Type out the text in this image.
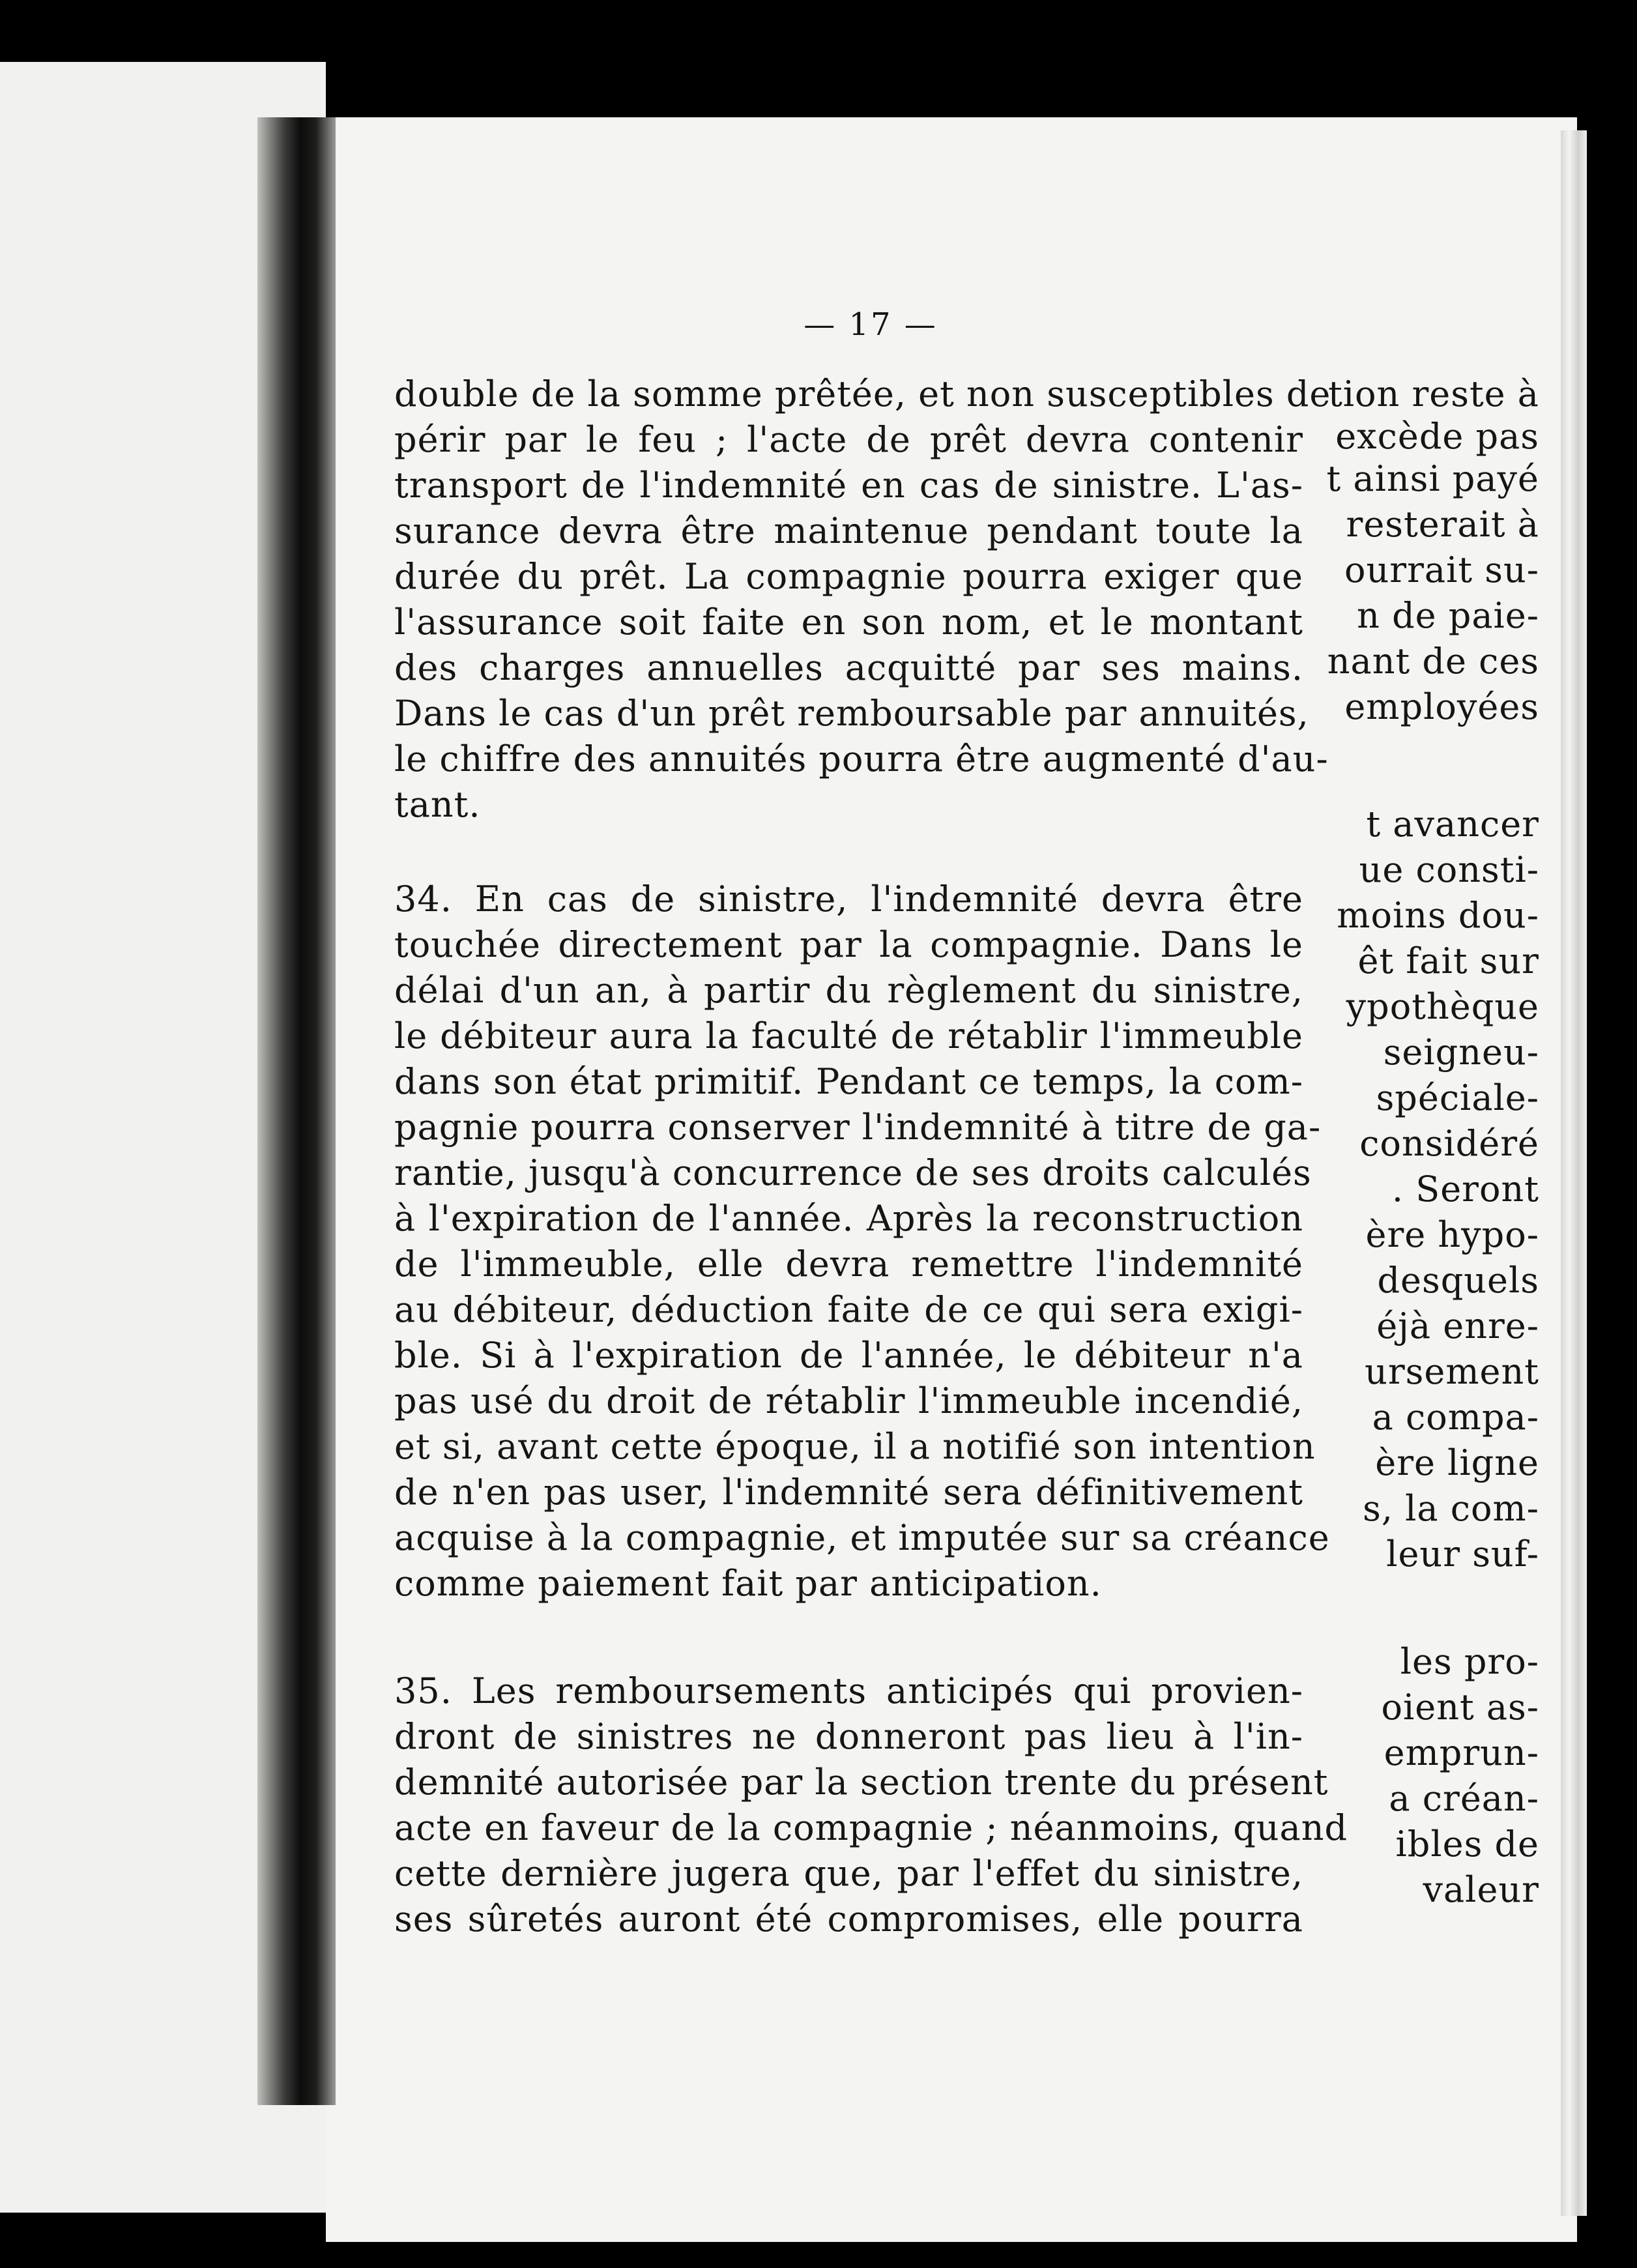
tion reste à
excède pas
t ainsi payé
resterait à
ourrait su-
n de paie-
nant de ces
employées
t avancer
ue consti-
moins dou-
êt fait sur
ypothèque
seigneu-
spéciale-
considéré
. Seront
ère hypo-
desquels
éjà enre-
ursement
a compa-
ère ligne
s, la com-
leur suf-
les pro-
oient as-
emprun-
a créan-
ibles de
valeur
— 17 —
double de la somme prêtée, et non susceptibles de
périr par le feu ; l'acte de prêt devra contenir
transport de l'indemnité en cas de sinistre. L'as-
surance devra être maintenue pendant toute la
durée du prêt. La compagnie pourra exiger que
l'assurance soit faite en son nom, et le montant
des charges annuelles acquitté par ses mains.
Dans le cas d'un prêt remboursable par annuités,
le chiffre des annuités pourra être augmenté d'au-
tant.
34. En cas de sinistre, l'indemnité devra être
touchée directement par la compagnie. Dans le
délai d'un an, à partir du règlement du sinistre,
le débiteur aura la faculté de rétablir l'immeuble
dans son état primitif. Pendant ce temps, la com-
pagnie pourra conserver l'indemnité à titre de ga-
rantie, jusqu'à concurrence de ses droits calculés
à l'expiration de l'année. Après la reconstruction
de l'immeuble, elle devra remettre l'indemnité
au débiteur, déduction faite de ce qui sera exigi-
ble. Si à l'expiration de l'année, le débiteur n'a
pas usé du droit de rétablir l'immeuble incendié,
et si, avant cette époque, il a notifié son intention
de n'en pas user, l'indemnité sera définitivement
acquise à la compagnie, et imputée sur sa créance
comme paiement fait par anticipation.
35. Les remboursements anticipés qui provien-
dront de sinistres ne donneront pas lieu à l'in-
demnité autorisée par la section trente du présent
acte en faveur de la compagnie ; néanmoins, quand
cette dernière jugera que, par l'effet du sinistre,
ses sûretés auront été compromises, elle pourra
